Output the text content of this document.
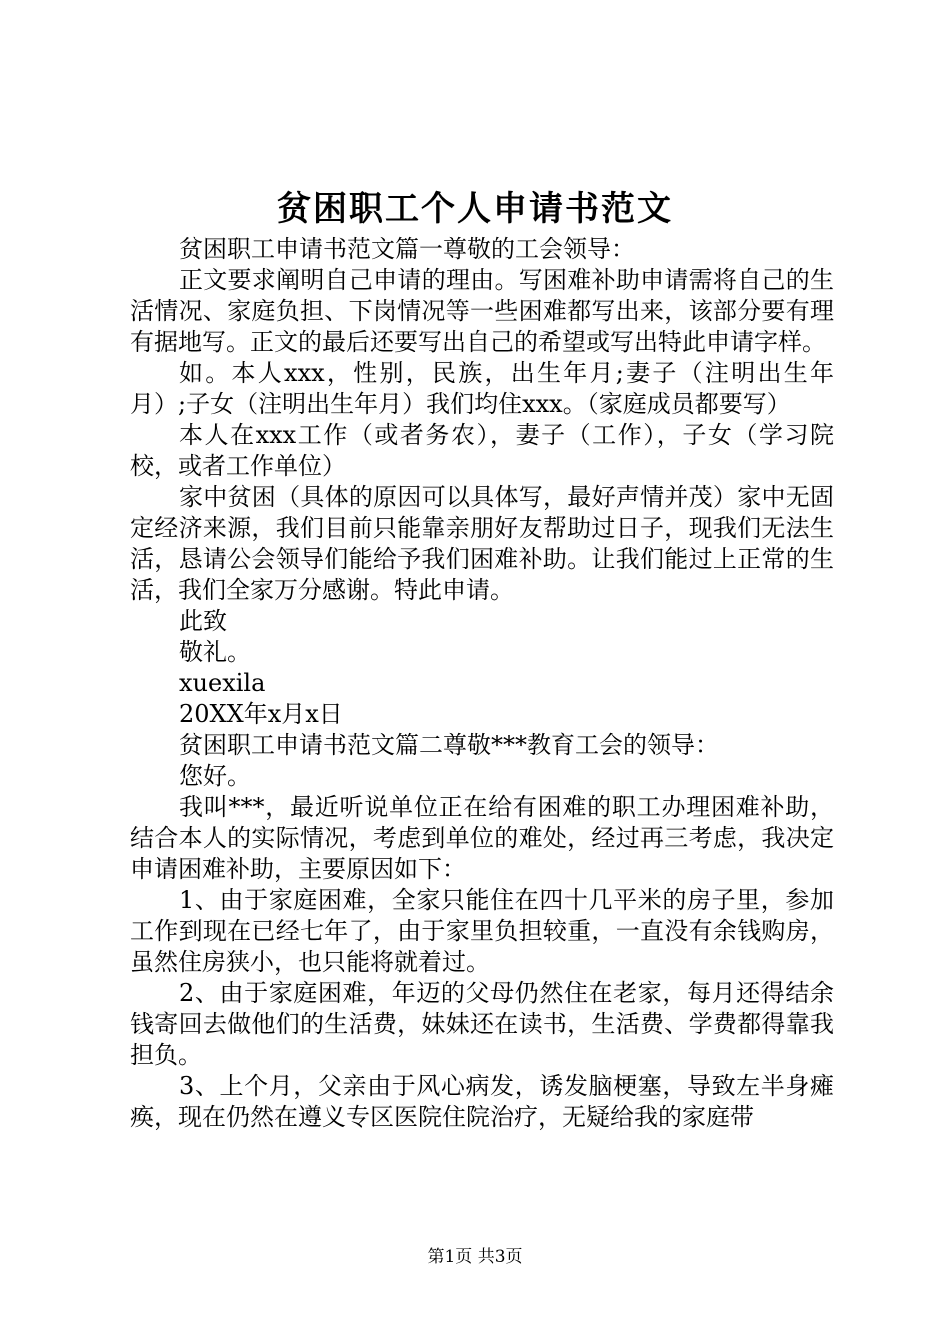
贫困职工个人申请书范文

贫困职工申请书范文篇一尊敬的工会领导：

正文要求阐明自己申请的理由。写困难补助申请需将自己的生活情况、家庭负担、下岗情况等一些困难都写出来，该部分要有理有据地写。正文的最后还要写出自己的希望或写出特此申请字样。

如。本人xxx，性别，民族，出生年月;妻子（注明出生年月）;子女（注明出生年月）我们均住xxx。（家庭成员都要写）

本人在xxx工作（或者务农），妻子（工作），子女（学习院校，或者工作单位）

家中贫困（具体的原因可以具体写，最好声情并茂）家中无固定经济来源，我们目前只能靠亲朋好友帮助过日子，现我们无法生活，恳请公会领导们能给予我们困难补助。让我们能过上正常的生活，我们全家万分感谢。特此申请。

此致

敬礼。

xuexila

20XX年x月x日

贫困职工申请书范文篇二尊敬***教育工会的领导：

您好。

我叫***，最近听说单位正在给有困难的职工办理困难补助，结合本人的实际情况，考虑到单位的难处，经过再三考虑，我决定申请困难补助，主要原因如下：

1、由于家庭困难，全家只能住在四十几平米的房子里，参加工作到现在已经七年了，由于家里负担较重，一直没有余钱购房，虽然住房狭小，也只能将就着过。

2、由于家庭困难，年迈的父母仍然住在老家，每月还得结余钱寄回去做他们的生活费，妹妹还在读书，生活费、学费都得靠我担负。

3、上个月，父亲由于风心病发，诱发脑梗塞，导致左半身瘫痪，现在仍然在遵义专区医院住院治疗，无疑给我的家庭带

第1页 共3页
